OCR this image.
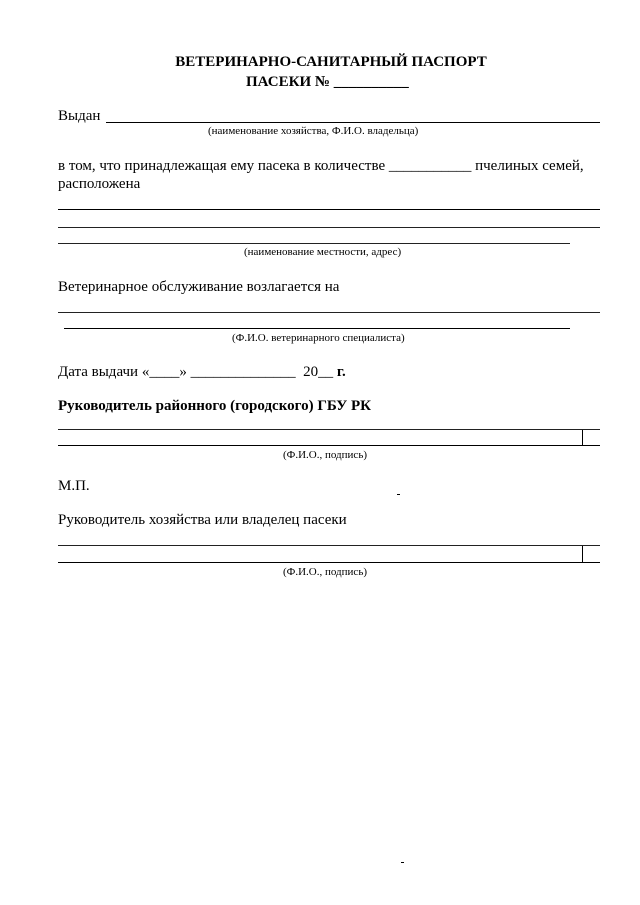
ВЕТЕРИНАРНО-САНИТАРНЫЙ ПАСПОРТ
ПАСЕКИ № __________
Выдан
(наименование хозяйства, Ф.И.О. владельца)
в том, что принадлежащая ему пасека в количестве ___________ пчелиных семей,
расположена
(наименование местности, адрес)
Ветеринарное обслуживание возлагается на
(Ф.И.О. ветеринарного специалиста)
Дата выдачи «____» ______________ 20__ г.
Руководитель районного (городского) ГБУ РК
(Ф.И.О., подпись)
М.П.
Руководитель хозяйства или владелец пасеки
(Ф.И.О., подпись)
